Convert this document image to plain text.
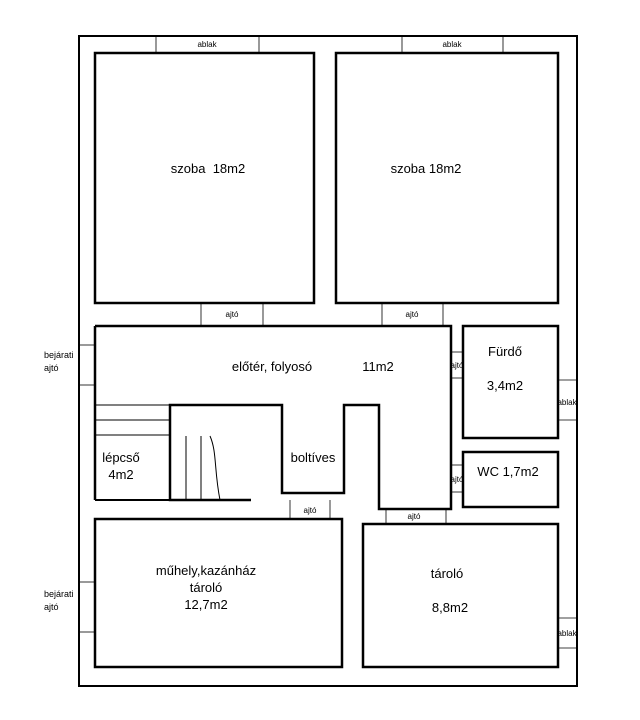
ablak	ablak
szoba  18m2	szoba 18m2
ajtó	ajtó
előtér, folyosó	11m2
lépcső
4m2
boltíves
ajtó
ajtó
Fürdő
3,4m2
ajtó
ablak
WC 1,7m2
ajtó
műhely,kazánház
tároló
12,7m2
tároló
8,8m2
ablak
bejárati
ajtó
bejárati
ajtó
